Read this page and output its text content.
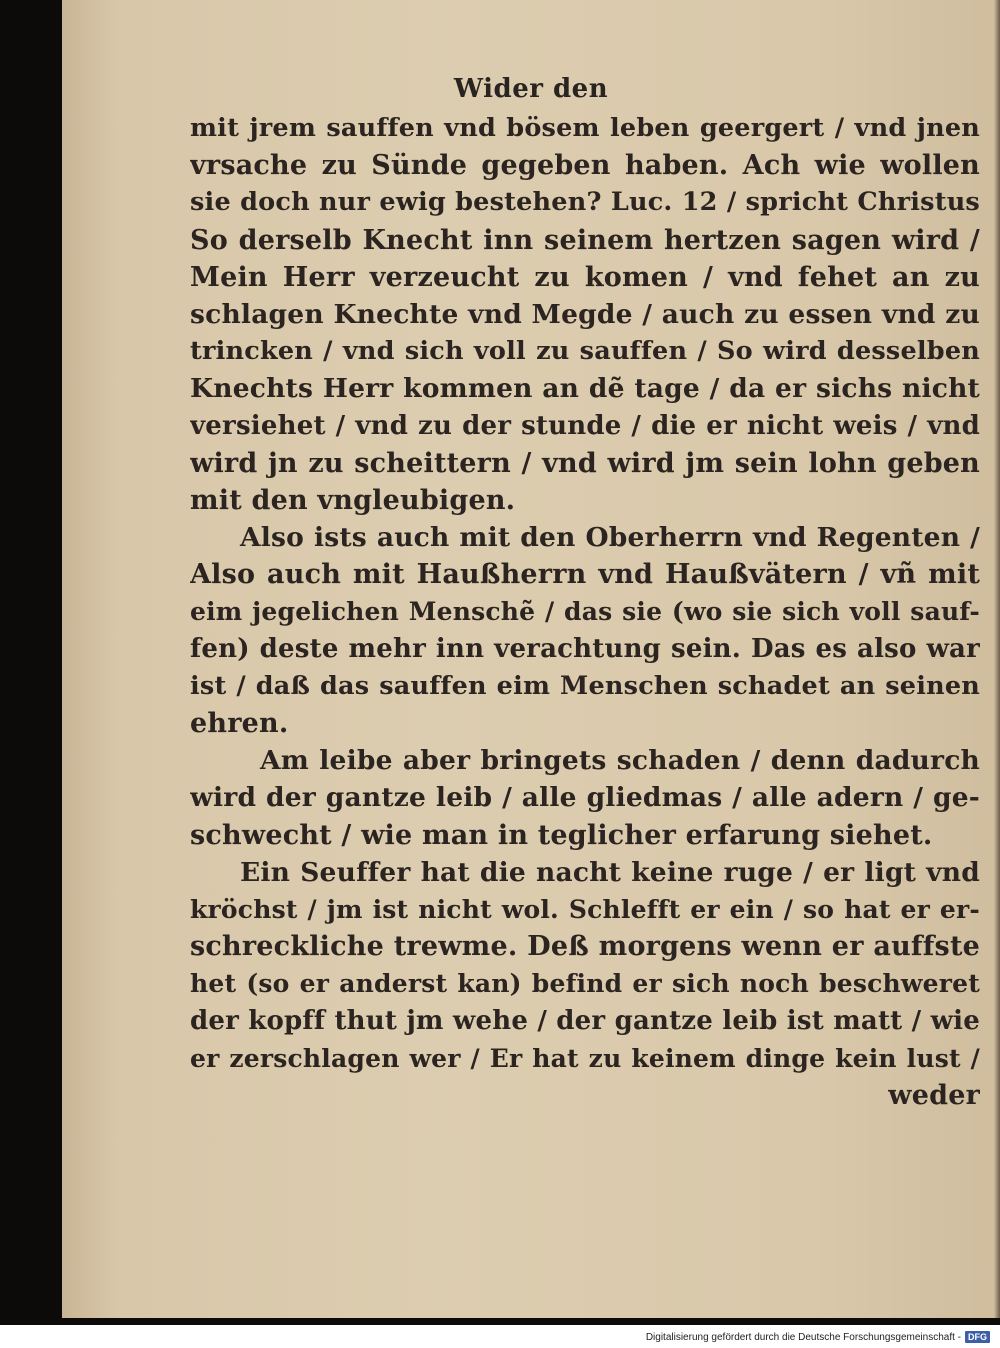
Wider den
mit jrem sauffen vnd bösem leben geergert / vnd jnen
vrsache zu Sünde gegeben haben. Ach wie wollen
sie doch nur ewig bestehen? Luc. 12 / spricht Christus
So derselb Knecht inn seinem hertzen sagen wird /
Mein Herr verzeucht zu komen / vnd fehet an zu
schlagen Knechte vnd Megde / auch zu essen vnd zu
trincken / vnd sich voll zu sauffen / So wird desselben
Knechts Herr kommen an dẽ tage / da er sichs nicht
versiehet / vnd zu der stunde / die er nicht weis / vnd
wird jn zu scheittern / vnd wird jm sein lohn geben
mit den vngleubigen.
Also ists auch mit den Oberherrn vnd Regenten /
Also auch mit Haußherrn vnd Haußvätern / vñ mit
eim jegelichen Menschẽ / das sie (wo sie sich voll sauf-
fen) deste mehr inn verachtung sein. Das es also war
ist / daß das sauffen eim Menschen schadet an seinen
ehren.
Am leibe aber bringets schaden / denn dadurch
wird der gantze leib / alle gliedmas / alle adern / ge-
schwecht / wie man in teglicher erfarung siehet.
Ein Seuffer hat die nacht keine ruge / er ligt vnd
kröchst / jm ist nicht wol. Schlefft er ein / so hat er er-
schreckliche trewme. Deß morgens wenn er auffste
het (so er anderst kan) befind er sich noch beschweret
der kopff thut jm wehe / der gantze leib ist matt / wie
er zerschlagen wer / Er hat zu keinem dinge kein lust /
weder
Digitalisierung gefördert durch die Deutsche Forschungsgemeinschaft - DFG
